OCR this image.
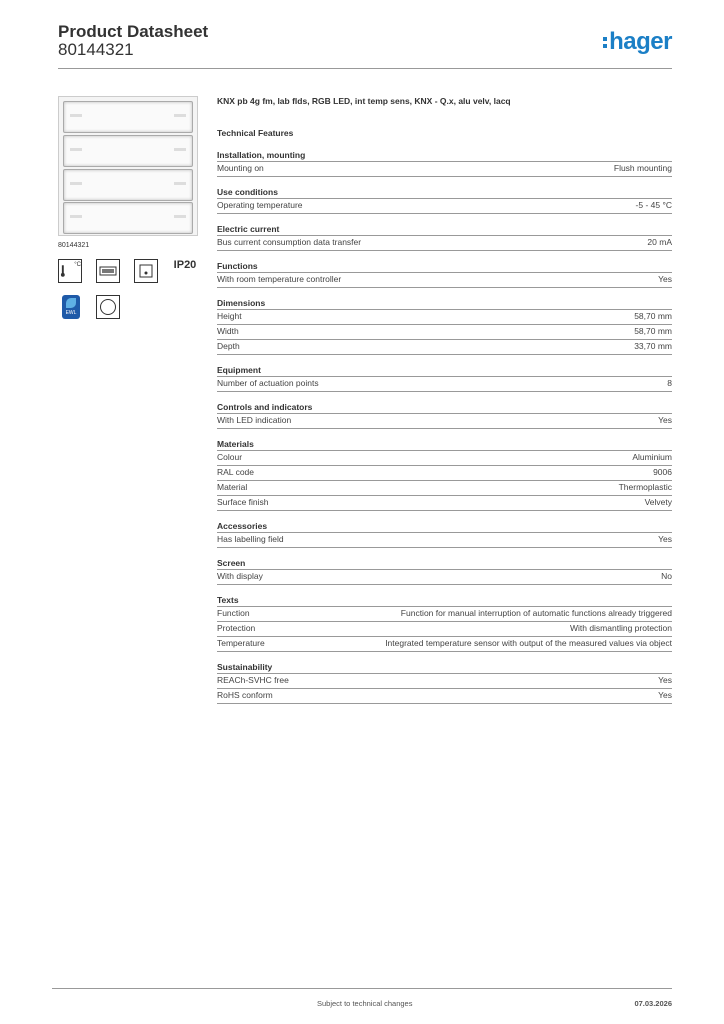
Product Datasheet
80144321	hager
80144321
°C	IP20
EWL
KNX pb 4g fm, lab flds, RGB LED, int temp sens, KNX - Q.x, alu velv, lacq
Technical Features
Installation, mounting
Mounting on	Flush mounting
Use conditions
Operating temperature	-5 - 45 °C
Electric current
Bus current consumption data transfer	20 mA
Functions
With room temperature controller	Yes
Dimensions
Height	58,70 mm
Width	58,70 mm
Depth	33,70 mm
Equipment
Number of actuation points	8
Controls and indicators
With LED indication	Yes
Materials
Colour	Aluminium
RAL code	9006
Material	Thermoplastic
Surface finish	Velvety
Accessories
Has labelling field	Yes
Screen
With display	No
Texts
Function	Function for manual interruption of automatic functions already triggered
Protection	With dismantling protection
Temperature	Integrated temperature sensor with output of the measured values via object
Sustainability
REACh-SVHC free	Yes
RoHS conform	Yes
Subject to technical changes	07.03.2026
